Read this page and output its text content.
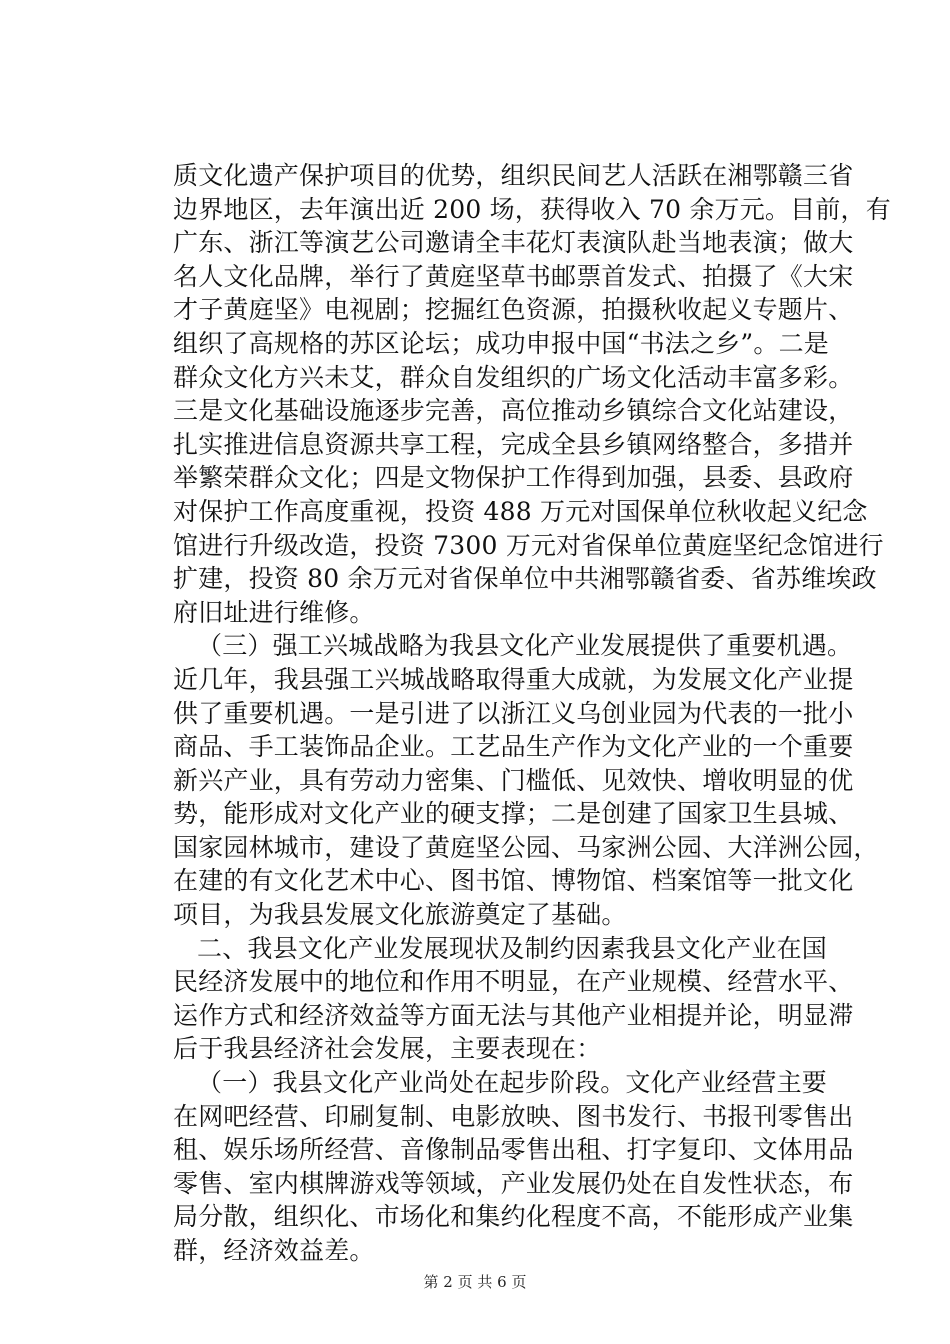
质文化遗产保护项目的优势，组织民间艺人活跃在湘鄂赣三省
边界地区，去年演出近 200 场，获得收入 70 余万元。目前，有
广东、浙江等演艺公司邀请全丰花灯表演队赴当地表演；做大
名人文化品牌，举行了黄庭坚草书邮票首发式、拍摄了《大宋
才子黄庭坚》电视剧；挖掘红色资源，拍摄秋收起义专题片、
组织了高规格的苏区论坛；成功申报中国“书法之乡”。二是
群众文化方兴未艾，群众自发组织的广场文化活动丰富多彩。
三是文化基础设施逐步完善，高位推动乡镇综合文化站建设，
扎实推进信息资源共享工程，完成全县乡镇网络整合，多措并
举繁荣群众文化；四是文物保护工作得到加强，县委、县政府
对保护工作高度重视，投资 488 万元对国保单位秋收起义纪念
馆进行升级改造，投资 7300 万元对省保单位黄庭坚纪念馆进行
扩建，投资 80 余万元对省保单位中共湘鄂赣省委、省苏维埃政
府旧址进行维修。
（三）强工兴城战略为我县文化产业发展提供了重要机遇。
近几年，我县强工兴城战略取得重大成就，为发展文化产业提
供了重要机遇。一是引进了以浙江义乌创业园为代表的一批小
商品、手工装饰品企业。工艺品生产作为文化产业的一个重要
新兴产业，具有劳动力密集、门槛低、见效快、增收明显的优
势，能形成对文化产业的硬支撑；二是创建了国家卫生县城、
国家园林城市，建设了黄庭坚公园、马家洲公园、大洋洲公园，
在建的有文化艺术中心、图书馆、博物馆、档案馆等一批文化
项目，为我县发展文化旅游奠定了基础。
二、我县文化产业发展现状及制约因素我县文化产业在国
民经济发展中的地位和作用不明显，在产业规模、经营水平、
运作方式和经济效益等方面无法与其他产业相提并论，明显滞
后于我县经济社会发展，主要表现在：
（一）我县文化产业尚处在起步阶段。文化产业经营主要
在网吧经营、印刷复制、电影放映、图书发行、书报刊零售出
租、娱乐场所经营、音像制品零售出租、打字复印、文体用品
零售、室内棋牌游戏等领域，产业发展仍处在自发性状态，布
局分散，组织化、市场化和集约化程度不高，不能形成产业集
群，经济效益差。
第 2 页 共 6 页
